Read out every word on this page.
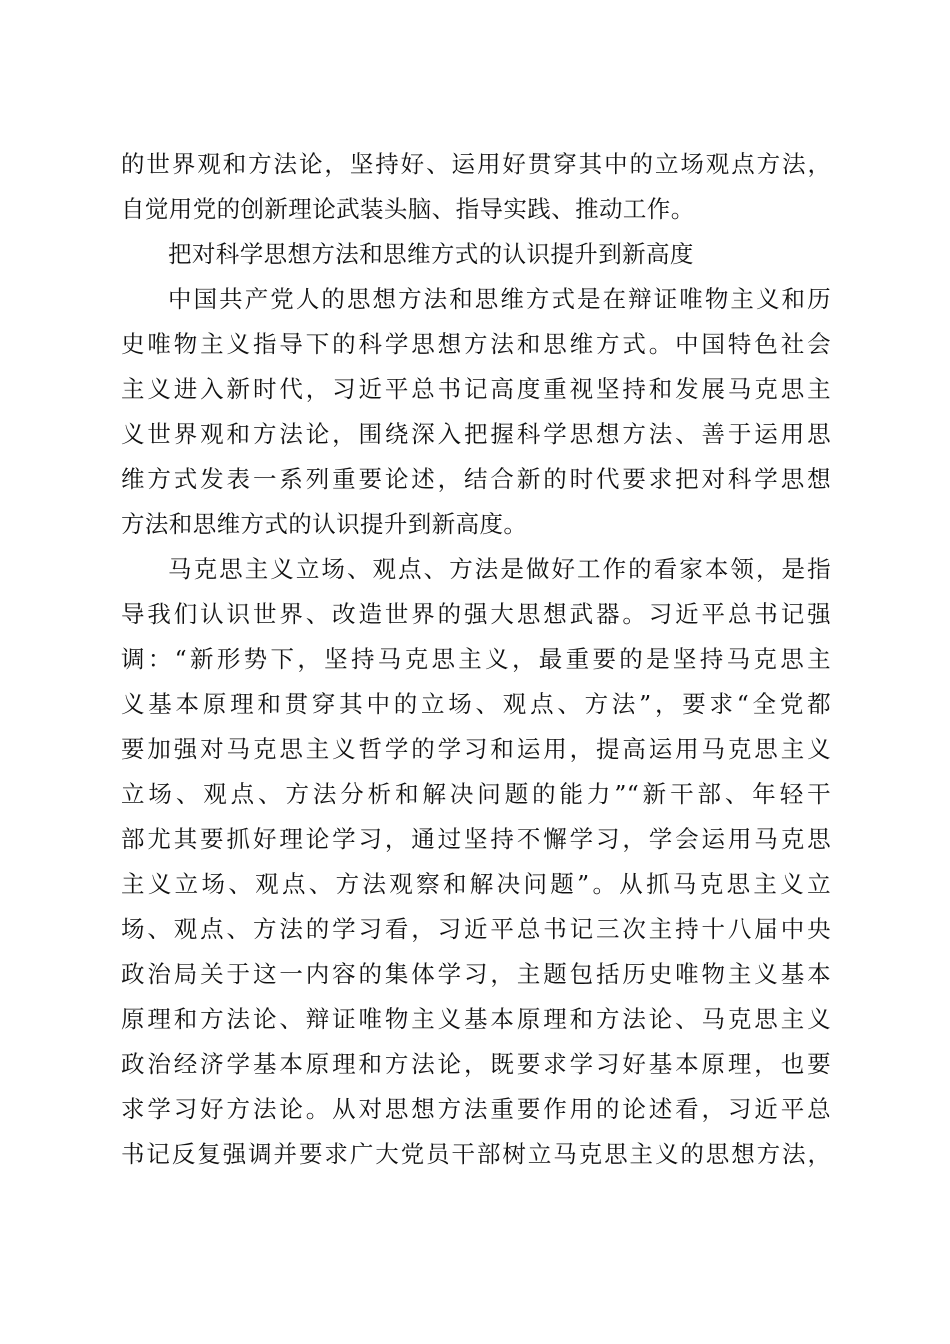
的世界观和方法论，坚持好、运用好贯穿其中的立场观点方法，
自觉用党的创新理论武装头脑、指导实践、推动工作。
把对科学思想方法和思维方式的认识提升到新高度
中国共产党人的思想方法和思维方式是在辩证唯物主义和历
史唯物主义指导下的科学思想方法和思维方式。中国特色社会
主义进入新时代，习近平总书记高度重视坚持和发展马克思主
义世界观和方法论，围绕深入把握科学思想方法、善于运用思
维方式发表一系列重要论述，结合新的时代要求把对科学思想
方法和思维方式的认识提升到新高度。
马克思主义立场、观点、方法是做好工作的看家本领，是指
导我们认识世界、改造世界的强大思想武器。习近平总书记强
调：“新形势下，坚持马克思主义，最重要的是坚持马克思主
义基本原理和贯穿其中的立场、观点、方法”，要求“全党都
要加强对马克思主义哲学的学习和运用，提高运用马克思主义
立场、观点、方法分析和解决问题的能力”“新干部、年轻干
部尤其要抓好理论学习，通过坚持不懈学习，学会运用马克思
主义立场、观点、方法观察和解决问题”。从抓马克思主义立
场、观点、方法的学习看，习近平总书记三次主持十八届中央
政治局关于这一内容的集体学习，主题包括历史唯物主义基本
原理和方法论、辩证唯物主义基本原理和方法论、马克思主义
政治经济学基本原理和方法论，既要求学习好基本原理，也要
求学习好方法论。从对思想方法重要作用的论述看，习近平总
书记反复强调并要求广大党员干部树立马克思主义的思想方法，
